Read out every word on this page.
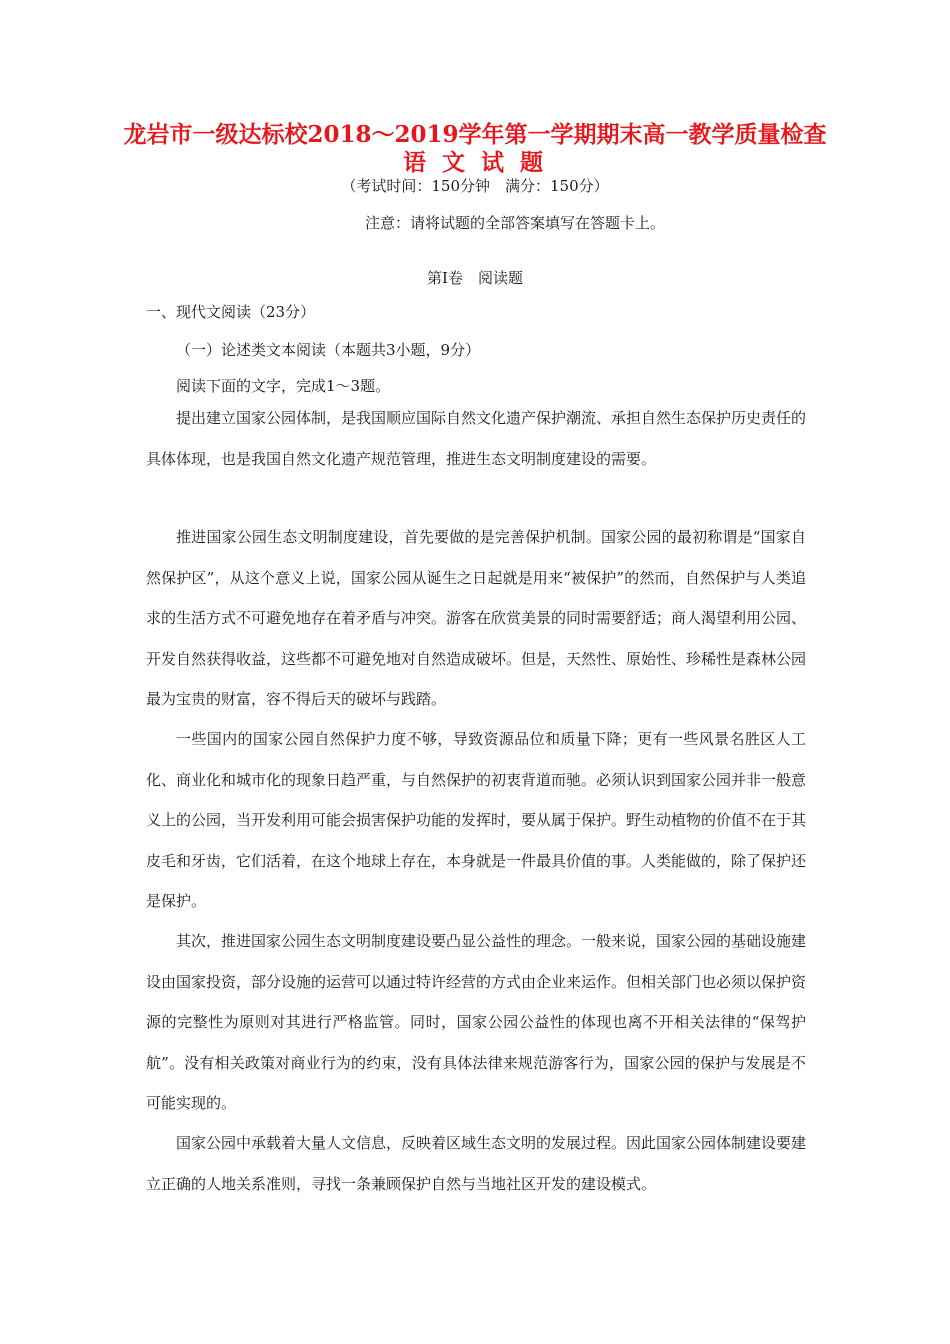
龙岩市一级达标校2018～2019学年第一学期期末高一教学质量检查
语 文 试 题
（考试时间：150分钟　满分：150分）
注意：请将试题的全部答案填写在答题卡上。
第Ⅰ卷　阅读题
一、现代文阅读（23分）
（一）论述类文本阅读（本题共3小题，9分）
阅读下面的文字，完成1～3题。

提出建立国家公园体制，是我国顺应国际自然文化遗产保护潮流、承担自然生态保护历史责任的具体体现，也是我国自然文化遗产规范管理，推进生态文明制度建设的需要。

推进国家公园生态文明制度建设，首先要做的是完善保护机制。国家公园的最初称谓是“国家自然保护区”，从这个意义上说，国家公园从诞生之日起就是用来“被保护”的然而，自然保护与人类追求的生活方式不可避免地存在着矛盾与冲突。游客在欣赏美景的同时需要舒适；商人渴望利用公园、开发自然获得收益，这些都不可避免地对自然造成破坏。但是，天然性、原始性、珍稀性是森林公园最为宝贵的财富，容不得后天的破坏与践踏。

一些国内的国家公园自然保护力度不够，导致资源品位和质量下降；更有一些风景名胜区人工化、商业化和城市化的现象日趋严重，与自然保护的初衷背道而驰。必须认识到国家公园并非一般意义上的公园，当开发利用可能会损害保护功能的发挥时，要从属于保护。野生动植物的价值不在于其皮毛和牙齿，它们活着，在这个地球上存在，本身就是一件最具价值的事。人类能做的，除了保护还是保护。

其次，推进国家公园生态文明制度建设要凸显公益性的理念。一般来说，国家公园的基础设施建设由国家投资，部分设施的运营可以通过特许经营的方式由企业来运作。但相关部门也必须以保护资源的完整性为原则对其进行严格监管。同时，国家公园公益性的体现也离不开相关法律的“保驾护航”。没有相关政策对商业行为的约束，没有具体法律来规范游客行为，国家公园的保护与发展是不可能实现的。

国家公园中承载着大量人文信息，反映着区域生态文明的发展过程。因此国家公园体制建设要建立正确的人地关系准则，寻找一条兼顾保护自然与当地社区开发的建设模式。
